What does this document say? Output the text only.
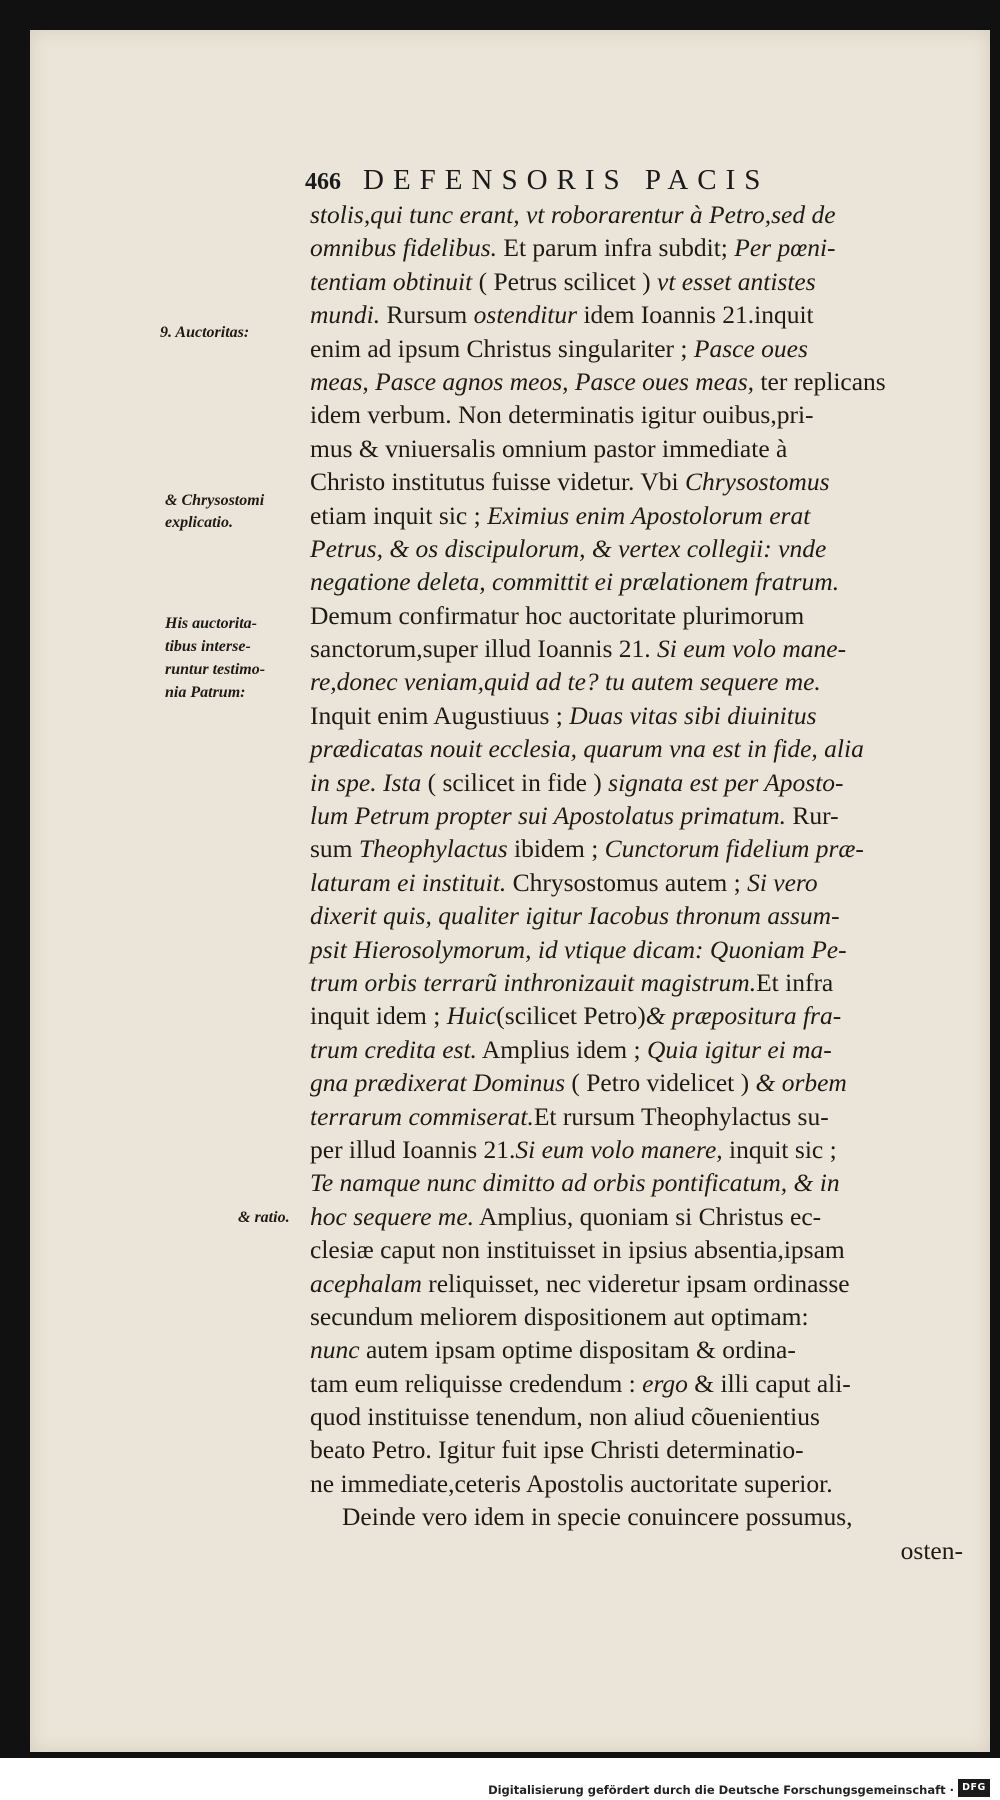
466 DEFENSORIS PACIS
9. Auctoritas:
& Chrysostomi
explicatio.
His auctorita-
tibus interse-
runtur testimo-
nia Patrum:
& ratio.
stolis,qui tunc erant, vt roborarentur à Petro,sed de
omnibus fidelibus. Et parum infra subdit; Per pœni-
tentiam obtinuit ( Petrus scilicet ) vt esset antistes
mundi. Rursum ostenditur idem Ioannis 21.inquit
enim ad ipsum Christus singulariter ; Pasce oues
meas, Pasce agnos meos, Pasce oues meas, ter replicans
idem verbum. Non determinatis igitur ouibus,pri-
mus & vniuersalis omnium pastor immediate à
Christo institutus fuisse videtur. Vbi Chrysostomus
etiam inquit sic ; Eximius enim Apostolorum erat
Petrus, & os discipulorum, & vertex collegii: vnde
negatione deleta, committit ei prælationem fratrum.
Demum confirmatur hoc auctoritate plurimorum
sanctorum,super illud Ioannis 21. Si eum volo mane-
re,donec veniam,quid ad te? tu autem sequere me.
Inquit enim Augustiuus ; Duas vitas sibi diuinitus
prædicatas nouit ecclesia, quarum vna est in fide, alia
in spe. Ista ( scilicet in fide ) signata est per Aposto-
lum Petrum propter sui Apostolatus primatum. Rur-
sum Theophylactus ibidem ; Cunctorum fidelium præ-
laturam ei instituit. Chrysostomus autem ; Si vero
dixerit quis, qualiter igitur Iacobus thronum assum-
psit Hierosolymorum, id vtique dicam: Quoniam Pe-
trum orbis terrarũ inthronizauit magistrum.Et infra
inquit idem ; Huic(scilicet Petro)& præpositura fra-
trum credita est. Amplius idem ; Quia igitur ei ma-
gna prædixerat Dominus ( Petro videlicet ) & orbem
terrarum commiserat.Et rursum Theophylactus su-
per illud Ioannis 21.Si eum volo manere, inquit sic ;
Te namque nunc dimitto ad orbis pontificatum, & in
hoc sequere me. Amplius, quoniam si Christus ec-
clesiæ caput non instituisset in ipsius absentia,ipsam
acephalam reliquisset, nec videretur ipsam ordinasse
secundum meliorem dispositionem aut optimam:
nunc autem ipsam optime dispositam & ordina-
tam eum reliquisse credendum : ergo & illi caput ali-
quod instituisse tenendum, non aliud cõuenientius
beato Petro. Igitur fuit ipse Christi determinatio-
ne immediate,ceteris Apostolis auctoritate superior.
Deinde vero idem in specie conuincere possumus,
osten-
Digitalisierung gefördert durch die Deutsche Forschungsgemeinschaft · DFG
